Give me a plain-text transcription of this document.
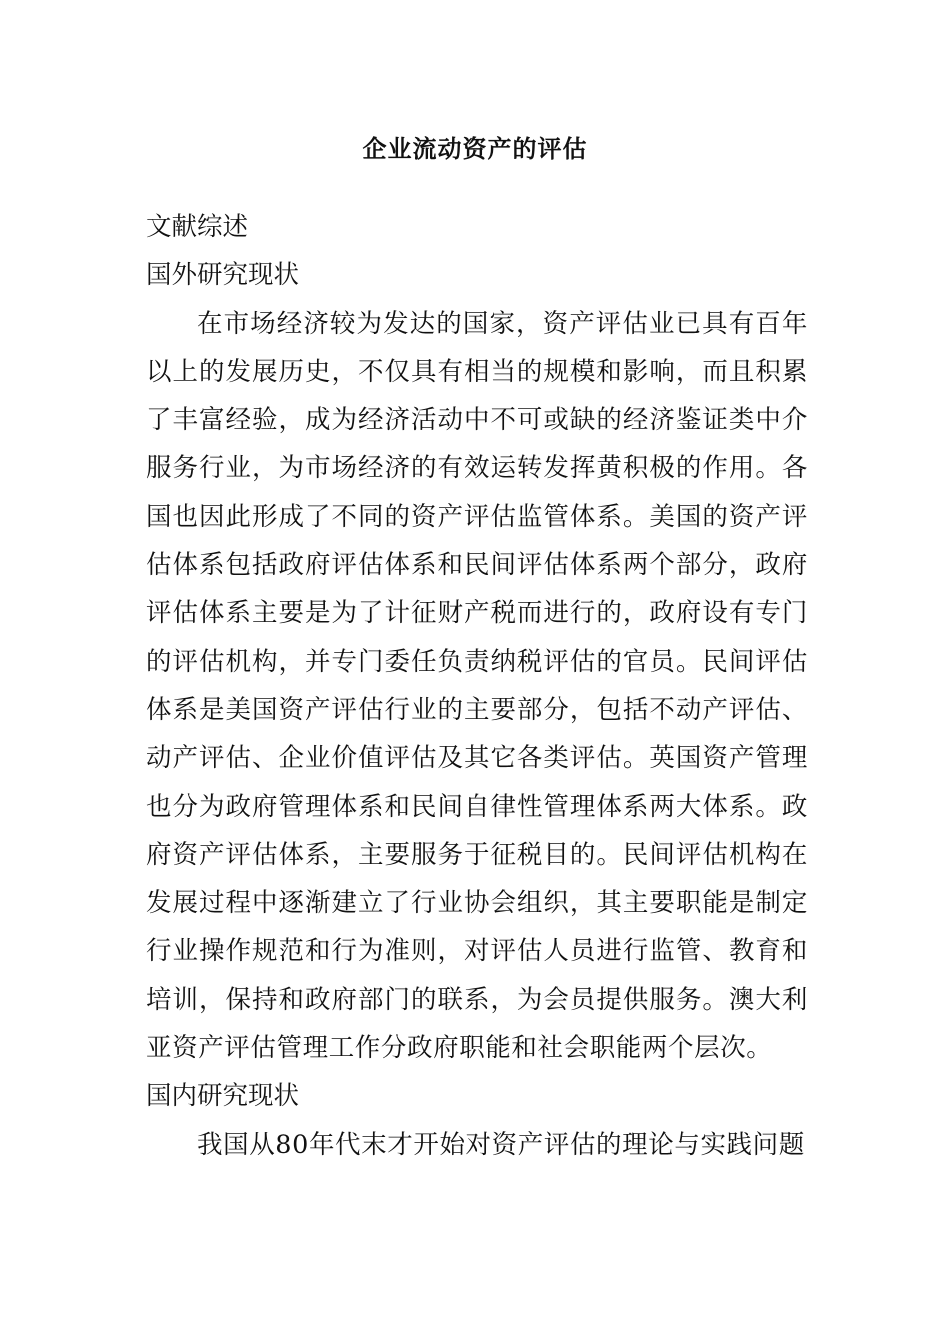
企业流动资产的评估

文献综述

国外研究现状

在市场经济较为发达的国家，资产评估业已具有百年以上的发展历史，不仅具有相当的规模和影响，而且积累了丰富经验，成为经济活动中不可或缺的经济鉴证类中介服务行业，为市场经济的有效运转发挥黄积极的作用。各国也因此形成了不同的资产评估监管体系。美国的资产评估体系包括政府评估体系和民间评估体系两个部分，政府评估体系主要是为了计征财产税而进行的，政府设有专门的评估机构，并专门委任负责纳税评估的官员。民间评估体系是美国资产评估行业的主要部分，包括不动产评估、动产评估、企业价值评估及其它各类评估。英国资产管理也分为政府管理体系和民间自律性管理体系两大体系。政府资产评估体系，主要服务于征税目的。民间评估机构在发展过程中逐渐建立了行业协会组织，其主要职能是制定行业操作规范和行为准则，对评估人员进行监管、教育和培训，保持和政府部门的联系，为会员提供服务。澳大利亚资产评估管理工作分政府职能和社会职能两个层次。

国内研究现状

我国从80年代末才开始对资产评估的理论与实践问题
